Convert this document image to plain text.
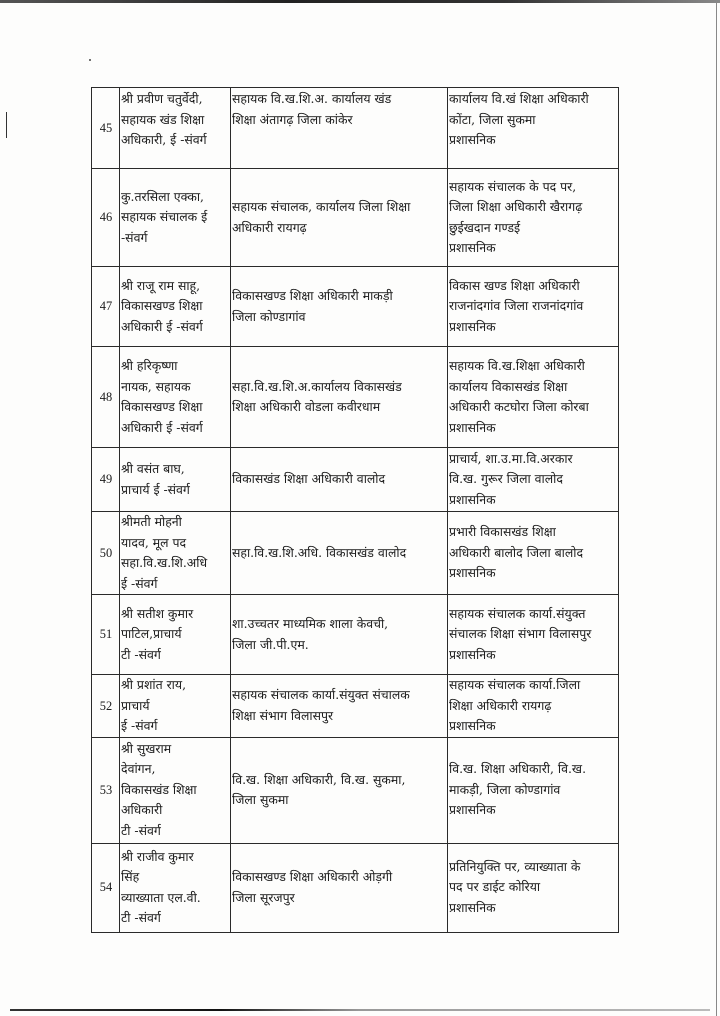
45	श्री प्रवीण चतुर्वेदी,
सहायक खंड शिक्षा
अधिकारी, ई -संवर्ग	सहायक वि.ख.शि.अ. कार्यालय खंड
शिक्षा अंतागढ़ जिला कांकेर	कार्यालय वि.खं शिक्षा अधिकारी
कोंटा, जिला सुकमा
प्रशासनिक

46	कु.तरसिला एक्का,
सहायक संचालक ई
-संवर्ग	सहायक संचालक, कार्यालय जिला शिक्षा
अधिकारी रायगढ़	सहायक संचालक के पद पर,
जिला शिक्षा अधिकारी खैरागढ़
छुईखदान गण्डई
प्रशासनिक

47	श्री राजू राम साहू,
विकासखण्ड शिक्षा
अधिकारी ई -संवर्ग	विकासखण्ड शिक्षा अधिकारी माकड़ी
जिला कोण्डागांव	विकास खण्ड शिक्षा अधिकारी
राजनांदगांव जिला राजनांदगांव
प्रशासनिक

48	श्री हरिकृष्णा
नायक, सहायक
विकासखण्ड शिक्षा
अधिकारी ई -संवर्ग	सहा.वि.ख.शि.अ.कार्यालय विकासखंड
शिक्षा अधिकारी वोडला कवीरधाम	सहायक वि.ख.शिक्षा अधिकारी
कार्यालय विकासखंड शिक्षा
अधिकारी कटघोरा जिला कोरबा
प्रशासनिक

49	श्री वसंत बाघ,
प्राचार्य ई -संवर्ग	विकासखंड शिक्षा अधिकारी वालोद	प्राचार्य, शा.उ.मा.वि.अरकार
वि.ख. गुरूर जिला वालोद
प्रशासनिक

50	श्रीमती मोहनी
यादव, मूल पद
सहा.वि.ख.शि.अधि
ई -संवर्ग	सहा.वि.ख.शि.अधि. विकासखंड वालोद	प्रभारी विकासखंड शिक्षा
अधिकारी बालोद जिला बालोद
प्रशासनिक

51	श्री सतीश कुमार
पाटिल,प्राचार्य
टी -संवर्ग	शा.उच्चतर माध्यमिक शाला केवची,
जिला जी.पी.एम.	सहायक संचालक कार्या.संयुक्त
संचालक शिक्षा संभाग विलासपुर
प्रशासनिक

52	श्री प्रशांत राय,
प्राचार्य
ई -संवर्ग	सहायक संचालक कार्या.संयुक्त संचालक
शिक्षा संभाग विलासपुर	सहायक संचालक कार्या.जिला
शिक्षा अधिकारी रायगढ़
प्रशासनिक

53	श्री सुखराम
देवांगन,
विकासखंड शिक्षा
अधिकारी
टी -संवर्ग	वि.ख. शिक्षा अधिकारी, वि.ख. सुकमा,
जिला सुकमा	वि.ख. शिक्षा अधिकारी, वि.ख.
माकड़ी, जिला कोण्डागांव
प्रशासनिक

54	श्री राजीव कुमार
सिंह
व्याख्याता एल.वी.
टी -संवर्ग	विकासखण्ड शिक्षा अधिकारी ओड़गी
जिला सूरजपुर	प्रतिनियुक्ति पर, व्याख्याता के
पद पर डाईट कोरिया
प्रशासनिक
